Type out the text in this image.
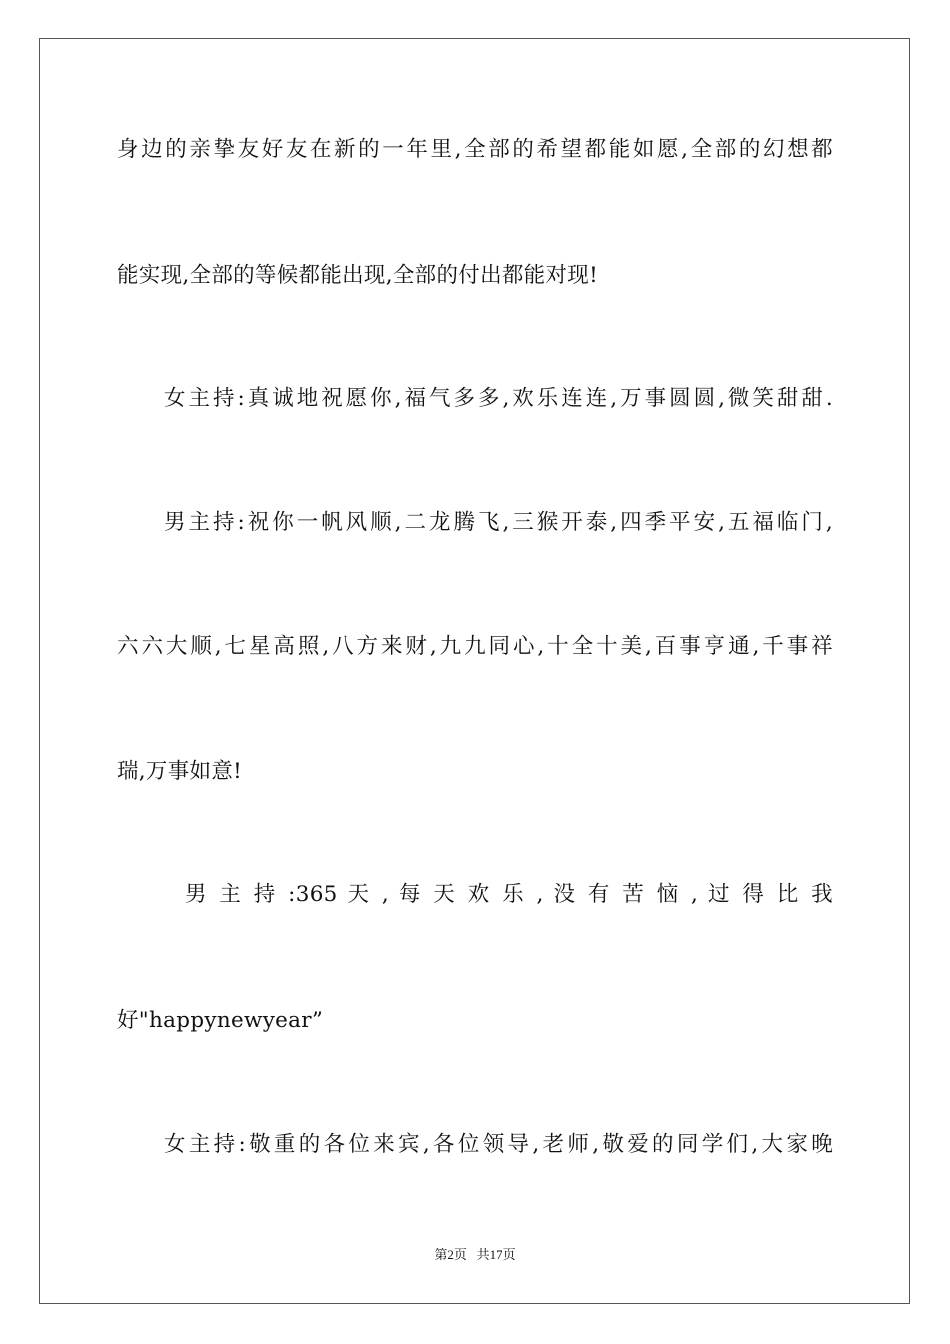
身边的亲挚友好友在新的一年里,全部的希望都能如愿,全部的幻想都
能实现,全部的等候都能出现,全部的付出都能对现!
女主持:真诚地祝愿你,福气多多,欢乐连连,万事圆圆,微笑甜甜.
男主持:祝你一帆风顺,二龙腾飞,三猴开泰,四季平安,五福临门,
六六大顺,七星高照,八方来财,九九同心,十全十美,百事亨通,千事祥
瑞,万事如意!
男 主 持 :365 天 , 每 天 欢 乐 , 没 有 苦 恼 , 过 得 比 我
好"happynewyear”
女主持:敬重的各位来宾,各位领导,老师,敬爱的同学们,大家晚
第2页   共17页
